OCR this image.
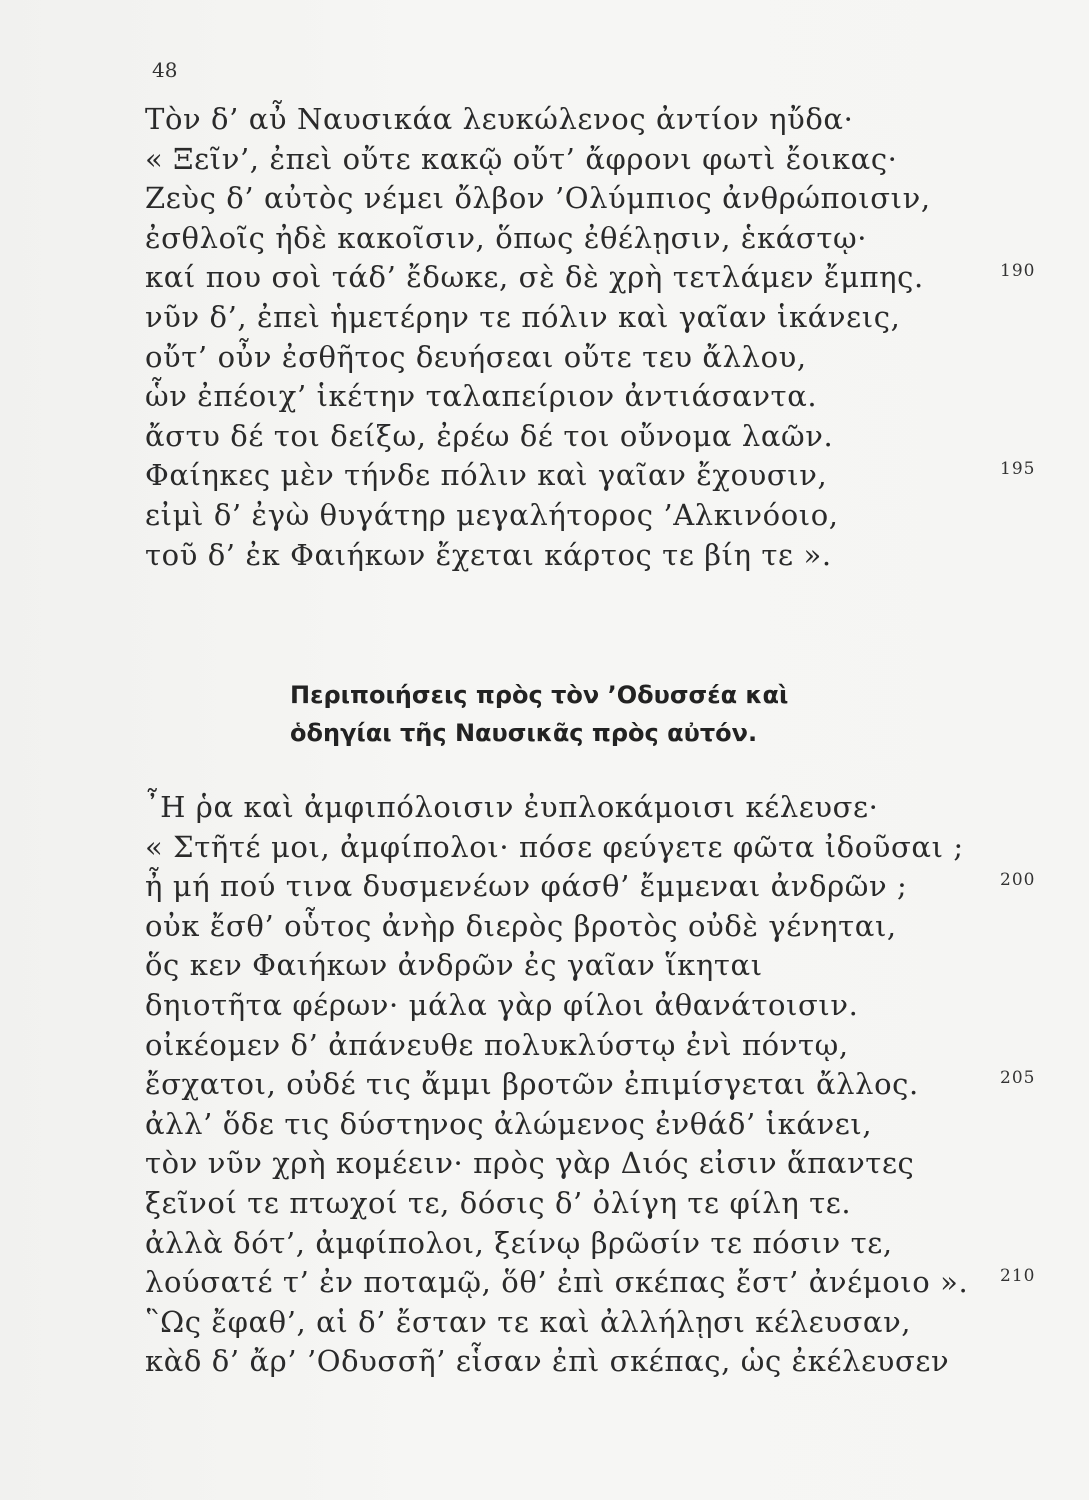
48
Τὸν δ’ αὖ Ναυσικάα λευκώλενος ἀντίον ηὔδα·
« Ξεῖν’, ἐπεὶ οὔτε κακῷ οὔτ’ ἄφρονι φωτὶ ἔοικας·
Ζεὺς δ’ αὐτὸς νέμει ὄλβον ’Ολύμπιος ἀνθρώποισιν,
ἐσθλοῖς ἠδὲ κακοῖσιν, ὅπως ἐθέλῃσιν, ἑκάστῳ·
καί που σοὶ τάδ’ ἔδωκε, σὲ δὲ χρὴ τετλάμεν ἔμπης.	190
νῦν δ’, ἐπεὶ ἡμετέρην τε πόλιν καὶ γαῖαν ἱκάνεις,
οὔτ’ οὖν ἐσθῆτος δευήσεαι οὔτε τευ ἄλλου,
ὧν ἐπέοιχ’ ἱκέτην ταλαπείριον ἀντιάσαντα.
ἄστυ δέ τοι δείξω, ἐρέω δέ τοι οὔνομα λαῶν.
Φαίηκες μὲν τήνδε πόλιν καὶ γαῖαν ἔχουσιν,	195
εἰμὶ δ’ ἐγὼ θυγάτηρ μεγαλήτορος ’Αλκινόοιο,
τοῦ δ’ ἐκ Φαιήκων ἔχεται κάρτος τε βίη τε ».
Περιποιήσεις πρὸς τὸν ’Οδυσσέα καὶ
ὁδηγίαι τῆς Ναυσικᾶς πρὸς αὐτόν.
῏Η ῥα καὶ ἀμφιπόλοισιν ἐυπλοκάμοισι κέλευσε·
« Στῆτέ μοι, ἀμφίπολοι· πόσε φεύγετε φῶτα ἰδοῦσαι ;
ἦ μή πού τινα δυσμενέων φάσθ’ ἔμμεναι ἀνδρῶν ;	200
οὐκ ἔσθ’ οὗτος ἀνὴρ διερὸς βροτὸς οὐδὲ γένηται,
ὅς κεν Φαιήκων ἀνδρῶν ἐς γαῖαν ἵκηται
δηιοτῆτα φέρων· μάλα γὰρ φίλοι ἀθανάτοισιν.
οἰκέομεν δ’ ἀπάνευθε πολυκλύστῳ ἐνὶ πόντῳ,
ἔσχατοι, οὐδέ τις ἄμμι βροτῶν ἐπιμίσγεται ἄλλος.	205
ἀλλ’ ὅδε τις δύστηνος ἀλώμενος ἐνθάδ’ ἱκάνει,
τὸν νῦν χρὴ κομέειν· πρὸς γὰρ Διός εἰσιν ἅπαντες
ξεῖνοί τε πτωχοί τε, δόσις δ’ ὀλίγη τε φίλη τε.
ἀλλὰ δότ’, ἀμφίπολοι, ξείνῳ βρῶσίν τε πόσιν τε,
λούσατέ τ’ ἐν ποταμῷ, ὅθ’ ἐπὶ σκέπας ἔστ’ ἀνέμοιο ». 210
῝Ως ἔφαθ’, αἱ δ’ ἔσταν τε καὶ ἀλλήλῃσι κέλευσαν,
κὰδ δ’ ἄρ’ ’Οδυσσῆ’ εἷσαν ἐπὶ σκέπας, ὡς ἐκέλευσεν
